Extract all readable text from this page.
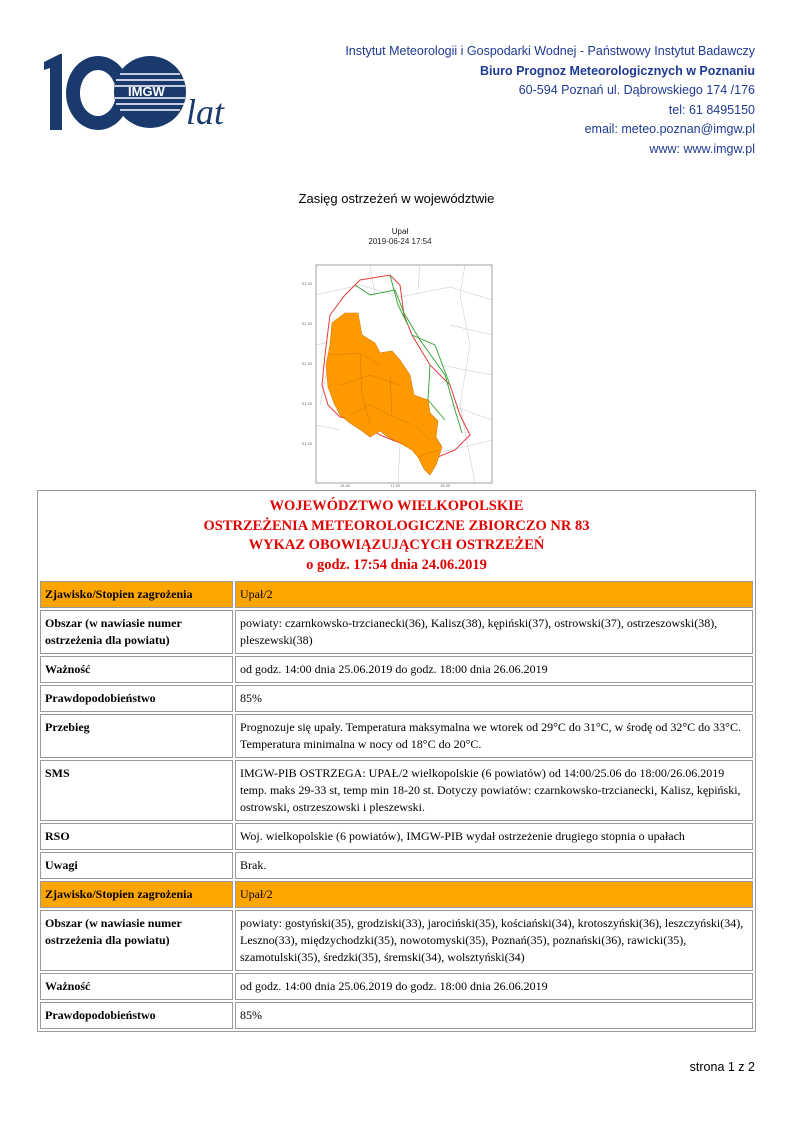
IMGW
lat
Instytut Meteorologii i Gospodarki Wodnej - Państwowy Instytut Badawczy
Biuro Prognoz Meteorologicznych w Poznaniu
60-594 Poznań ul. Dąbrowskiego 174 /176
tel: 61 8495150
email: meteo.poznan@imgw.pl
www: www.imgw.pl
Zasięg ostrzeżeń w województwie
Upał
2019-06-24 17:54
53.00
52.50
52.00
51.50
51.00
16.00	17.00	18.00
WOJEWÓDZTWO WIELKOPOLSKIE
OSTRZEŻENIA METEOROLOGICZNE ZBIORCZO NR 83
WYKAZ OBOWIĄZUJĄCYCH OSTRZEŻEŃ
o godz. 17:54 dnia 24.06.2019
Zjawisko/Stopien zagrożenia	Upał/2
Obszar (w nawiasie numer ostrzeżenia dla powiatu)	powiaty: czarnkowsko-trzcianecki(36), Kalisz(38), kępiński(37), ostrowski(37), ostrzeszowski(38), pleszewski(38)
Ważność	od godz. 14:00 dnia 25.06.2019 do godz. 18:00 dnia 26.06.2019
Prawdopodobieństwo	85%
Przebieg	Prognozuje się upały. Temperatura maksymalna we wtorek od 29°C do 31°C, w środę od 32°C do 33°C. Temperatura minimalna w nocy od 18°C do 20°C.
SMS	IMGW-PIB OSTRZEGA: UPAŁ/2 wielkopolskie (6 powiatów) od 14:00/25.06 do 18:00/26.06.2019 temp. maks 29-33 st, temp min 18-20 st. Dotyczy powiatów: czarnkowsko-trzcianecki, Kalisz, kępiński, ostrowski, ostrzeszowski i pleszewski.
RSO	Woj. wielkopolskie (6 powiatów), IMGW-PIB wydał ostrzeżenie drugiego stopnia o upałach
Uwagi	Brak.
Zjawisko/Stopien zagrożenia	Upał/2
Obszar (w nawiasie numer ostrzeżenia dla powiatu)	powiaty: gostyński(35), grodziski(33), jarociński(35), kościański(34), krotoszyński(36), leszczyński(34), Leszno(33), międzychodzki(35), nowotomyski(35), Poznań(35), poznański(36), rawicki(35), szamotulski(35), średzki(35), śremski(34), wolsztyński(34)
Ważność	od godz. 14:00 dnia 25.06.2019 do godz. 18:00 dnia 26.06.2019
Prawdopodobieństwo	85%
strona 1 z 2
